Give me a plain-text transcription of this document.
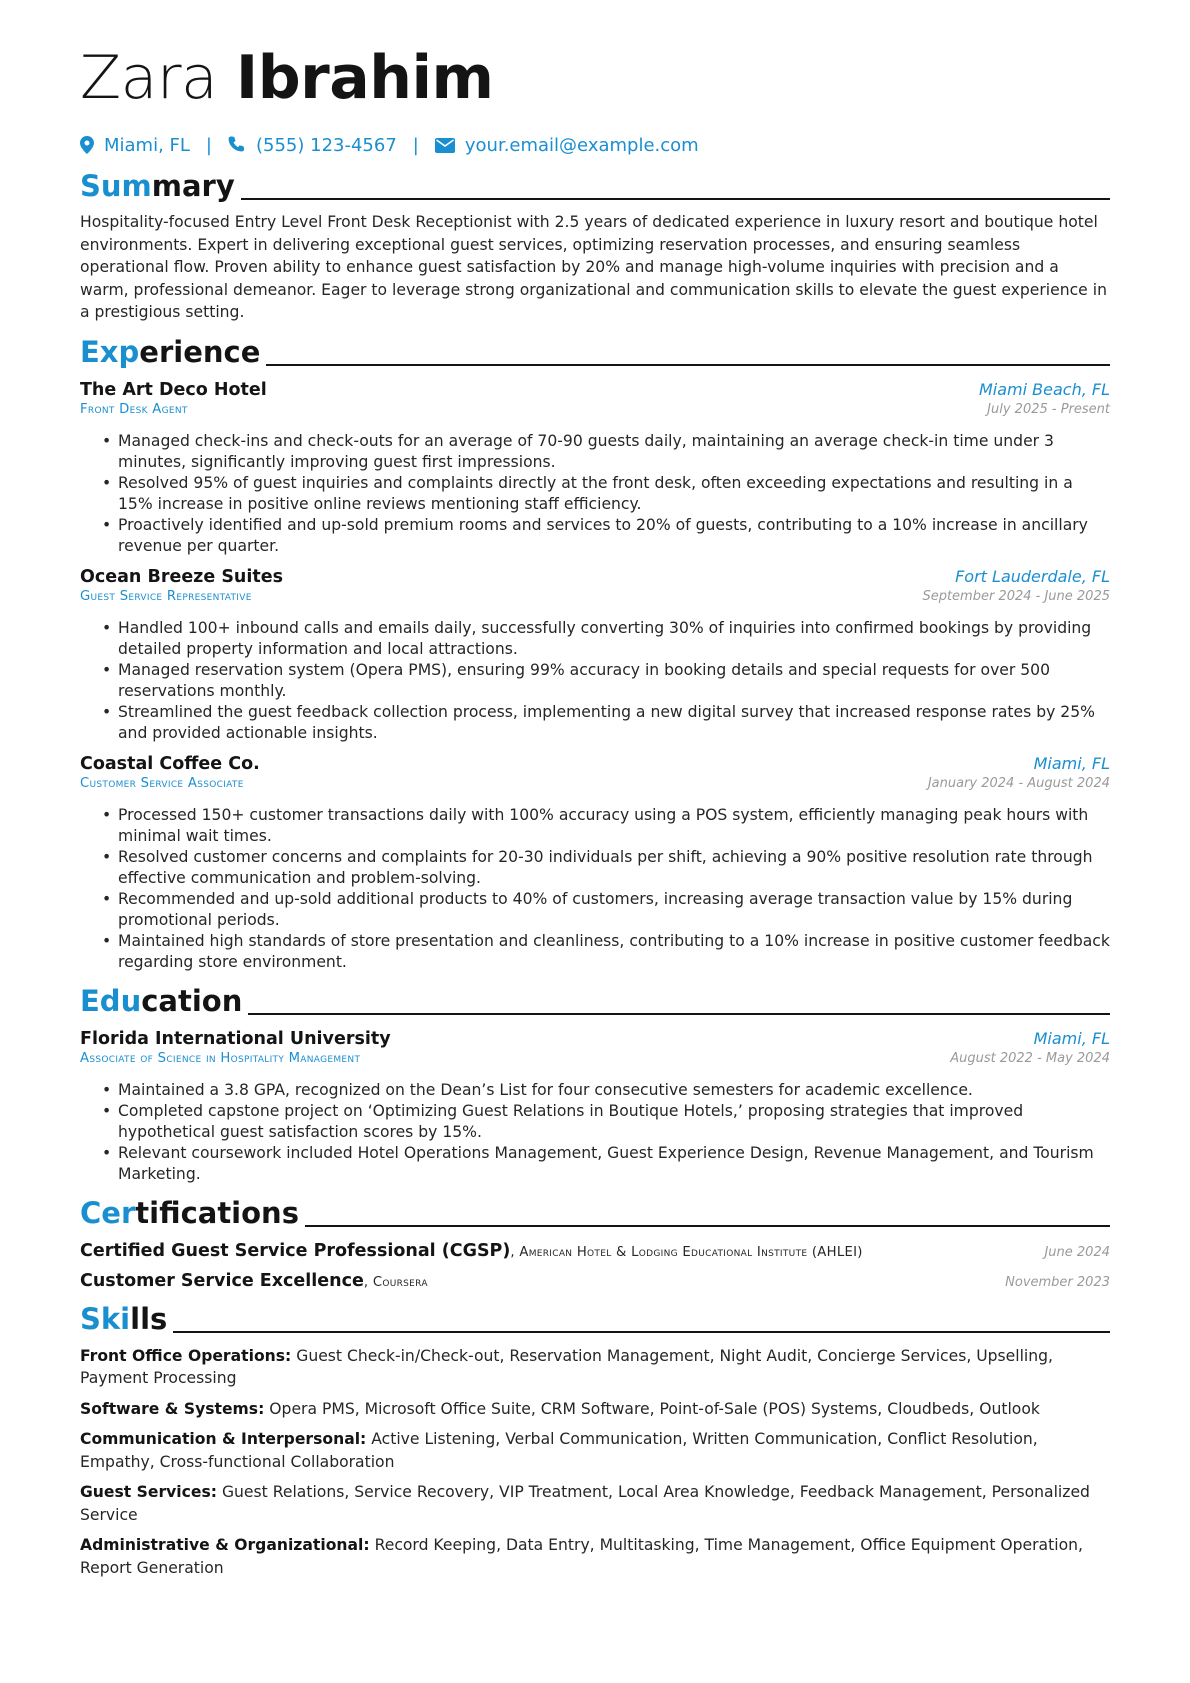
Zara Ibrahim
Miami, FL | (555) 123-4567 |	your.email@example.com
Summary
Hospitality-focused Entry Level Front Desk Receptionist with 2.5 years of dedicated experience in luxury resort and boutique hotel environments. Expert in delivering exceptional guest services, optimizing reservation processes, and ensuring seamless operational flow. Proven ability to enhance guest satisfaction by 20% and manage high-volume inquiries with precision and a warm, professional demeanor. Eager to leverage strong organizational and communication skills to elevate the guest experience in a prestigious setting.
Experience
The Art Deco Hotel	Miami Beach, FL
Front Desk Agent	July 2025 - Present
• Managed check-ins and check-outs for an average of 70-90 guests daily, maintaining an average check-in time under 3 minutes, significantly improving guest first impressions.
• Resolved 95% of guest inquiries and complaints directly at the front desk, often exceeding expectations and resulting in a 15% increase in positive online reviews mentioning staff efficiency.
• Proactively identified and up-sold premium rooms and services to 20% of guests, contributing to a 10% increase in ancillary revenue per quarter.
Ocean Breeze Suites	Fort Lauderdale, FL
Guest Service Representative	September 2024 - June 2025
• Handled 100+ inbound calls and emails daily, successfully converting 30% of inquiries into confirmed bookings by providing detailed property information and local attractions.
• Managed reservation system (Opera PMS), ensuring 99% accuracy in booking details and special requests for over 500 reservations monthly.
• Streamlined the guest feedback collection process, implementing a new digital survey that increased response rates by 25% and provided actionable insights.
Coastal Coffee Co.	Miami, FL
Customer Service Associate	January 2024 - August 2024
• Processed 150+ customer transactions daily with 100% accuracy using a POS system, efficiently managing peak hours with minimal wait times.
• Resolved customer concerns and complaints for 20-30 individuals per shift, achieving a 90% positive resolution rate through effective communication and problem-solving.
• Recommended and up-sold additional products to 40% of customers, increasing average transaction value by 15% during promotional periods.
• Maintained high standards of store presentation and cleanliness, contributing to a 10% increase in positive customer feedback regarding store environment.
Education
Florida International University	Miami, FL
Associate of Science in Hospitality Management	August 2022 - May 2024
• Maintained a 3.8 GPA, recognized on the Dean’s List for four consecutive semesters for academic excellence.
• Completed capstone project on ‘Optimizing Guest Relations in Boutique Hotels,’ proposing strategies that improved hypothetical guest satisfaction scores by 15%.
• Relevant coursework included Hotel Operations Management, Guest Experience Design, Revenue Management, and Tourism Marketing.
Certifications
Certified Guest Service Professional (CGSP), American Hotel & Lodging Educational Institute (AHLEI)	June 2024
Customer Service Excellence, Coursera	November 2023
Skills
Front Office Operations: Guest Check-in/Check-out, Reservation Management, Night Audit, Concierge Services, Upselling, Payment Processing
Software & Systems: Opera PMS, Microsoft Office Suite, CRM Software, Point-of-Sale (POS) Systems, Cloudbeds, Outlook
Communication & Interpersonal: Active Listening, Verbal Communication, Written Communication, Conflict Resolution, Empathy, Cross-functional Collaboration
Guest Services: Guest Relations, Service Recovery, VIP Treatment, Local Area Knowledge, Feedback Management, Personalized Service
Administrative & Organizational: Record Keeping, Data Entry, Multitasking, Time Management, Office Equipment Operation, Report Generation
